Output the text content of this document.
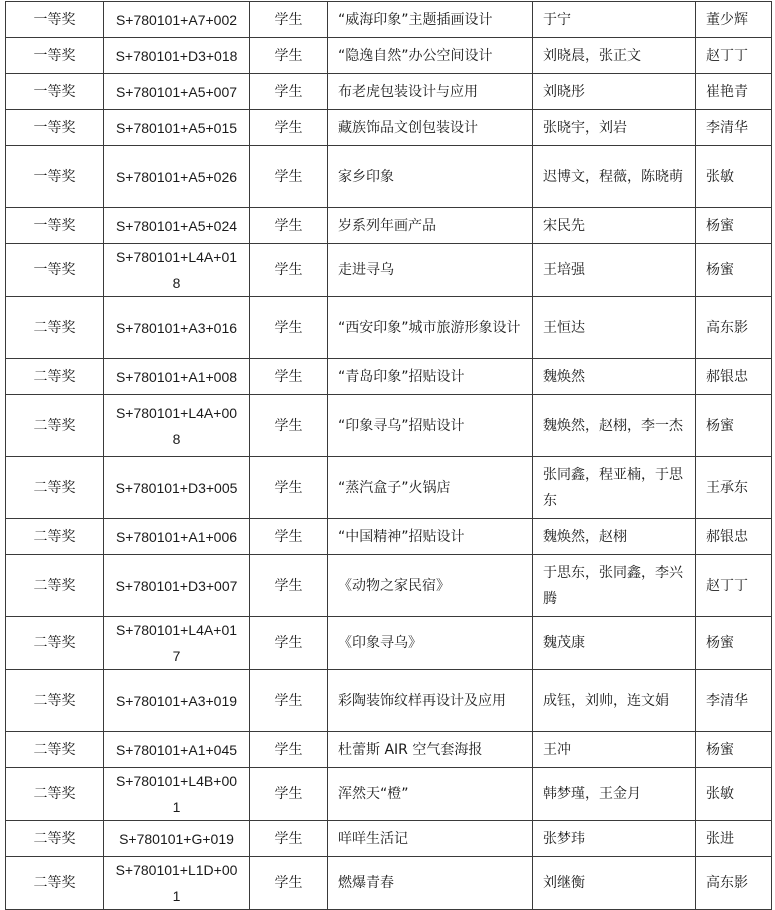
一等奖	S+780101+A7+002	学生	“威海印象”主题插画设计	于宁	董少辉
一等奖	S+780101+D3+018	学生	“隐逸自然”办公空间设计	刘晓晨，张正文	赵丁丁
一等奖	S+780101+A5+007	学生	布老虎包装设计与应用	刘晓彤	崔艳青
一等奖	S+780101+A5+015	学生	藏族饰品文创包装设计	张晓宇，刘岩	李清华
一等奖	S+780101+A5+026	学生	家乡印象	迟博文，程薇，陈晓萌	张敏
一等奖	S+780101+A5+024	学生	岁系列年画产品	宋民先	杨蜜
一等奖	S+780101+L4A+018	学生	走进寻乌	王培强	杨蜜
二等奖	S+780101+A3+016	学生	“西安印象”城市旅游形象设计	王恒达	高东影
二等奖	S+780101+A1+008	学生	“青岛印象”招贴设计	魏焕然	郝银忠
二等奖	S+780101+L4A+008	学生	“印象寻乌”招贴设计	魏焕然，赵栩，李一杰	杨蜜
二等奖	S+780101+D3+005	学生	“蒸汽盒子”火锅店	张同鑫，程亚楠，于思东	王承东
二等奖	S+780101+A1+006	学生	“中国精神”招贴设计	魏焕然，赵栩	郝银忠
二等奖	S+780101+D3+007	学生	《动物之家民宿》	于思东，张同鑫，李兴腾	赵丁丁
二等奖	S+780101+L4A+017	学生	《印象寻乌》	魏茂康	杨蜜
二等奖	S+780101+A3+019	学生	彩陶装饰纹样再设计及应用	成钰，刘帅，连文娟	李清华
二等奖	S+780101+A1+045	学生	杜蕾斯 AIR 空气套海报	王冲	杨蜜
二等奖	S+780101+L4B+001	学生	浑然天“橙”	韩梦瑾，王金月	张敏
二等奖	S+780101+G+019	学生	咩咩生活记	张梦玮	张进
二等奖	S+780101+L1D+001	学生	燃爆青春	刘继衡	高东影
